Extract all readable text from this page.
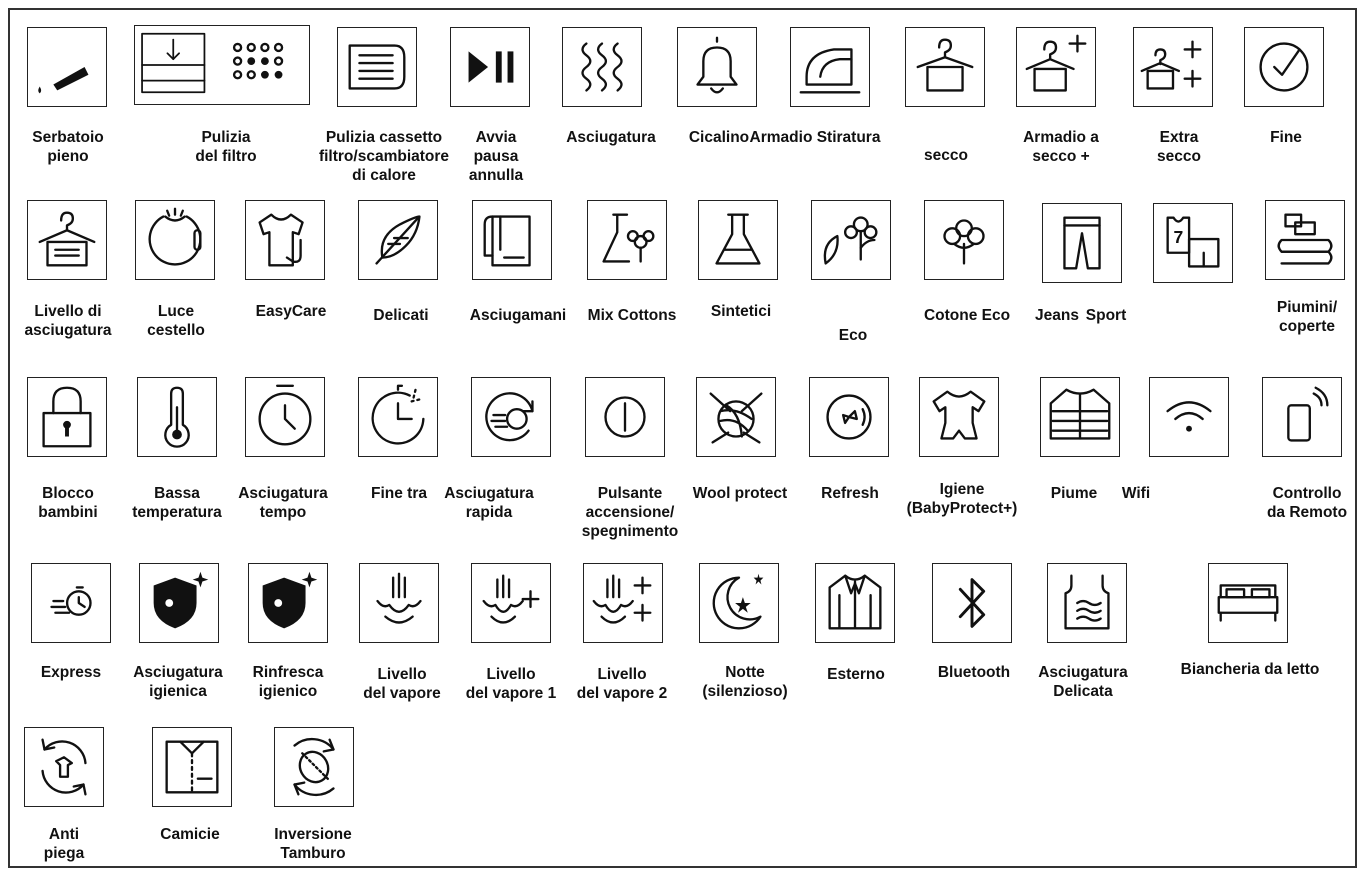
Serbatoio
pieno
Pulizia
del filtro
Pulizia cassetto
filtro/scambiatore
di calore
Avvia
pausa
annulla
Asciugatura Cicalino Armadio Stiratura
secco
Armadio a
secco +
Extra
secco
Fine
Livello di
asciugatura
Luce
cestello
EasyCare	Delicati	Asciugamani Mix Cottons Sintetici
Eco
Cotone Eco Jeans
7
Sport	Piumini/
coperte
Blocco
bambini
Bassa
temperatura
Asciugatura
tempo
Fine tra Asciugatura
rapida
Pulsante
accensione/
spegnimento
Wool protect Refresh	Igiene
(BabyProtect+)
Piume Wifi	Controllo
da Remoto
Express Asciugatura
igienica
Rinfresca
igienico
Livello
del vapore
Livello
del vapore 1
Livello
del vapore 2
Notte
(silenzioso)
Esterno	Bluetooth Asciugatura
Delicata
Biancheria da letto
Anti
piega
Camicie	Inversione
Tamburo
